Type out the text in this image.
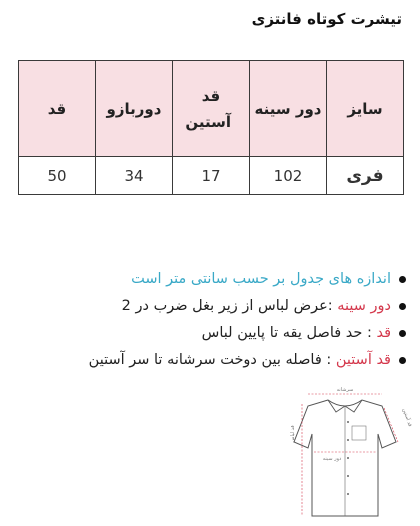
تیشرت کوتاه فانتزی
سایز	دور سینه	قد آستین	دوربازو	قد
فری	102	17	34	50
اندازه های جدول بر حسب سانتی متر است
دور سینه :عرض لباس از زیر بغل ضرب در 2
قد : حد فاصل یقه تا پایین لباس
قد آستین : فاصله بین دوخت سرشانه تا سر آستین
سرشانه
دور سینه
قد لباس
قد آستین
